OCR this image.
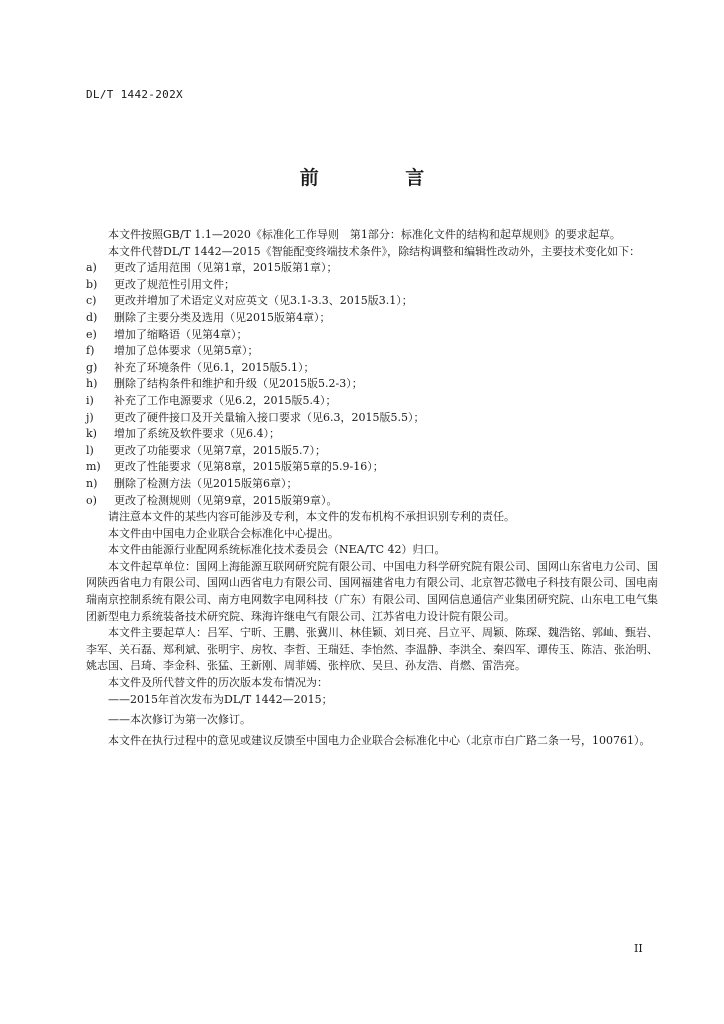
DL/T 1442-202X
前 言

本文件按照GB/T 1.1—2020《标准化工作导则　第1部分：标准化文件的结构和起草规则》的要求起草。

本文件代替DL/T 1442—2015《智能配变终端技术条件》，除结构调整和编辑性改动外，主要技术变化如下：

a) 更改了适用范围（见第1章，2015版第1章）；

b) 更改了规范性引用文件；

c) 更改并增加了术语定义对应英文（见3.1-3.3、2015版3.1）；

d) 删除了主要分类及选用（见2015版第4章）；

e) 增加了缩略语（见第4章）；

f) 增加了总体要求（见第5章）；

g) 补充了环境条件（见6.1，2015版5.1）；

h) 删除了结构条件和维护和升级（见2015版5.2-3）；

i) 补充了工作电源要求（见6.2，2015版5.4）；

j) 更改了硬件接口及开关量输入接口要求（见6.3，2015版5.5）；

k) 增加了系统及软件要求（见6.4）；

l) 更改了功能要求（见第7章，2015版5.7）；

m) 更改了性能要求（见第8章，2015版第5章的5.9-16）；

n) 删除了检测方法（见2015版第6章）；

o) 更改了检测规则（见第9章，2015版第9章）。

请注意本文件的某些内容可能涉及专利，本文件的发布机构不承担识别专利的责任。

本文件由中国电力企业联合会标准化中心提出。

本文件由能源行业配网系统标准化技术委员会（NEA/TC 42）归口。

本文件起草单位：国网上海能源互联网研究院有限公司、中国电力科学研究院有限公司、国网山东省电力公司、国网陕西省电力有限公司、国网山西省电力有限公司、国网福建省电力有限公司、北京智芯微电子科技有限公司、国电南瑞南京控制系统有限公司、南方电网数字电网科技（广东）有限公司、国网信息通信产业集团研究院、山东电工电气集团新型电力系统装备技术研究院、珠海许继电气有限公司、江苏省电力设计院有限公司。

本文件主要起草人：吕军、宁昕、王鹏、张冀川、林佳颖、刘日亮、吕立平、周颖、陈琛、魏浩铭、郭屾、甄岩、李军、关石磊、郑利斌、张明宇、房牧、李哲、王瑞廷、李怡然、李温静、李洪全、秦四军、谭传玉、陈洁、张治明、姚志国、吕琦、李金科、张猛、王新刚、周菲嫣、张梓欣、吴旦、孙友浩、肖燃、雷浩亮。

本文件及所代替文件的历次版本发布情况为：

——2015年首次发布为DL/T 1442—2015；

——本次修订为第一次修订。

本文件在执行过程中的意见或建议反馈至中国电力企业联合会标准化中心（北京市白广路二条一号，100761）。

II
